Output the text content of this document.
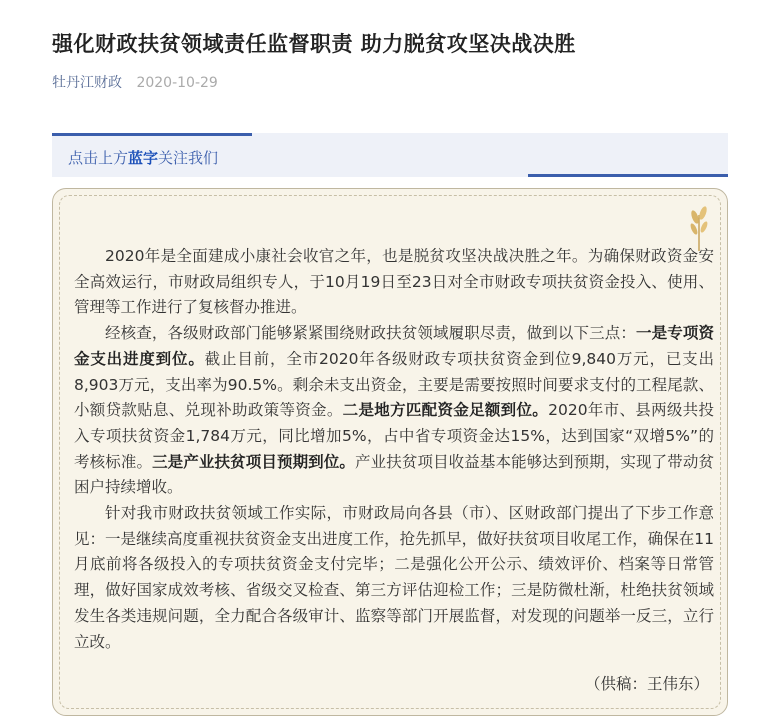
强化财政扶贫领域责任监督职责 助力脱贫攻坚决战决胜
牡丹江财政 2020-10-29
点击上方蓝字关注我们

2020年是全面建成小康社会收官之年，也是脱贫攻坚决战决胜之年。为确保财政资金安全高效运行，市财政局组织专人，于10月19日至23日对全市财政专项扶贫资金投入、使用、管理等工作进行了复核督办推进。

经核查，各级财政部门能够紧紧围绕财政扶贫领域履职尽责，做到以下三点：一是专项资金支出进度到位。截止目前，全市2020年各级财政专项扶贫资金到位9,840万元，已支出8,903万元，支出率为90.5%。剩余未支出资金，主要是需要按照时间要求支付的工程尾款、小额贷款贴息、兑现补助政策等资金。二是地方匹配资金足额到位。2020年市、县两级共投入专项扶贫资金1,784万元，同比增加5%，占中省专项资金达15%，达到国家“双增5%”的考核标准。三是产业扶贫项目预期到位。产业扶贫项目收益基本能够达到预期，实现了带动贫困户持续增收。

针对我市财政扶贫领域工作实际，市财政局向各县（市）、区财政部门提出了下步工作意见：一是继续高度重视扶贫资金支出进度工作，抢先抓早，做好扶贫项目收尾工作，确保在11月底前将各级投入的专项扶贫资金支付完毕；二是强化公开公示、绩效评价、档案等日常管理，做好国家成效考核、省级交叉检查、第三方评估迎检工作；三是防微杜渐，杜绝扶贫领域发生各类违规问题，全力配合各级审计、监察等部门开展监督，对发现的问题举一反三，立行立改。

（供稿：王伟东）
